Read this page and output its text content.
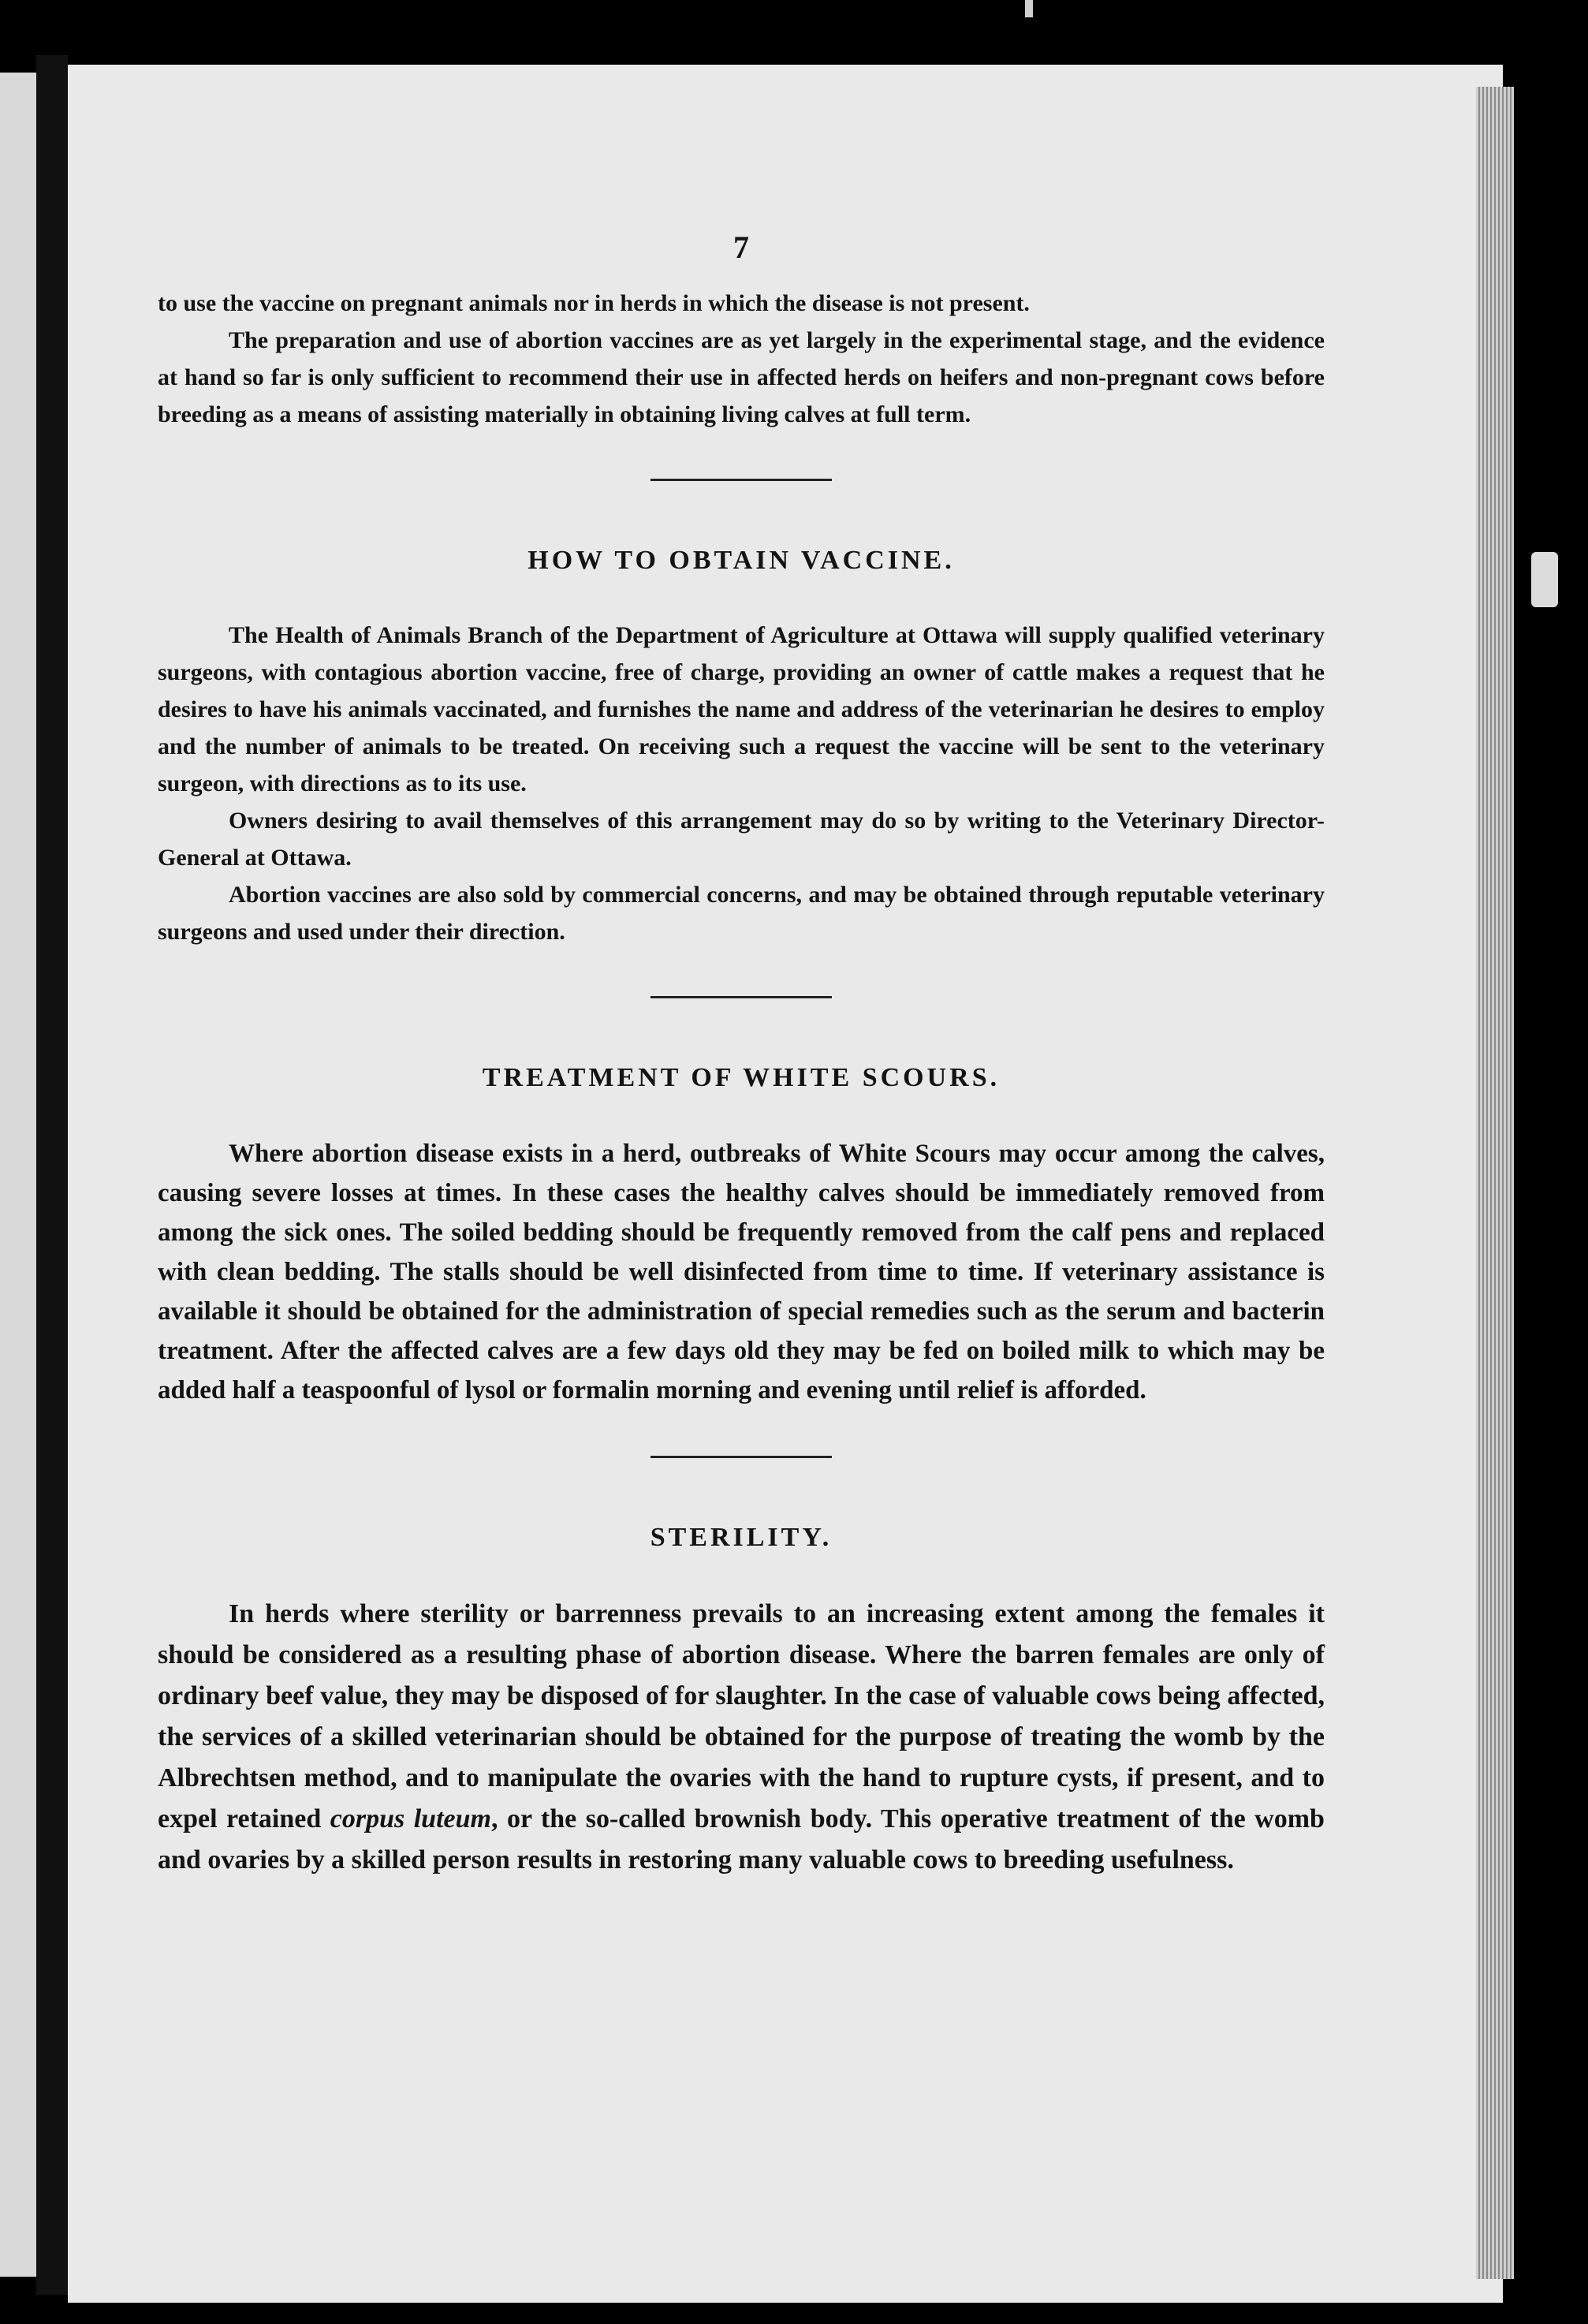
7

to use the vaccine on pregnant animals nor in herds in which the disease is not present.

The preparation and use of abortion vaccines are as yet largely in the experimental stage, and the evidence at hand so far is only sufficient to recommend their use in affected herds on heifers and non-pregnant cows before breeding as a means of assisting materially in obtaining living calves at full term.

HOW TO OBTAIN VACCINE.

The Health of Animals Branch of the Department of Agriculture at Ottawa will supply qualified veterinary surgeons, with contagious abortion vaccine, free of charge, providing an owner of cattle makes a request that he desires to have his animals vaccinated, and furnishes the name and address of the veterinarian he desires to employ and the number of animals to be treated. On receiving such a request the vaccine will be sent to the veterinary surgeon, with directions as to its use.

Owners desiring to avail themselves of this arrangement may do so by writing to the Veterinary Director-General at Ottawa.

Abortion vaccines are also sold by commercial concerns, and may be obtained through reputable veterinary surgeons and used under their direction.

TREATMENT OF WHITE SCOURS.

Where abortion disease exists in a herd, outbreaks of White Scours may occur among the calves, causing severe losses at times. In these cases the healthy calves should be immediately removed from among the sick ones. The soiled bedding should be frequently removed from the calf pens and replaced with clean bedding. The stalls should be well disinfected from time to time. If veterinary assistance is available it should be obtained for the administration of special remedies such as the serum and bacterin treatment. After the affected calves are a few days old they may be fed on boiled milk to which may be added half a teaspoonful of lysol or formalin morning and evening until relief is afforded.

STERILITY.

In herds where sterility or barrenness prevails to an increasing extent among the females it should be considered as a resulting phase of abortion disease. Where the barren females are only of ordinary beef value, they may be disposed of for slaughter. In the case of valuable cows being affected, the services of a skilled veterinarian should be obtained for the purpose of treating the womb by the Albrechtsen method, and to manipulate the ovaries with the hand to rupture cysts, if present, and to expel retained corpus luteum, or the so-called brownish body. This operative treatment of the womb and ovaries by a skilled person results in restoring many valuable cows to breeding usefulness.
